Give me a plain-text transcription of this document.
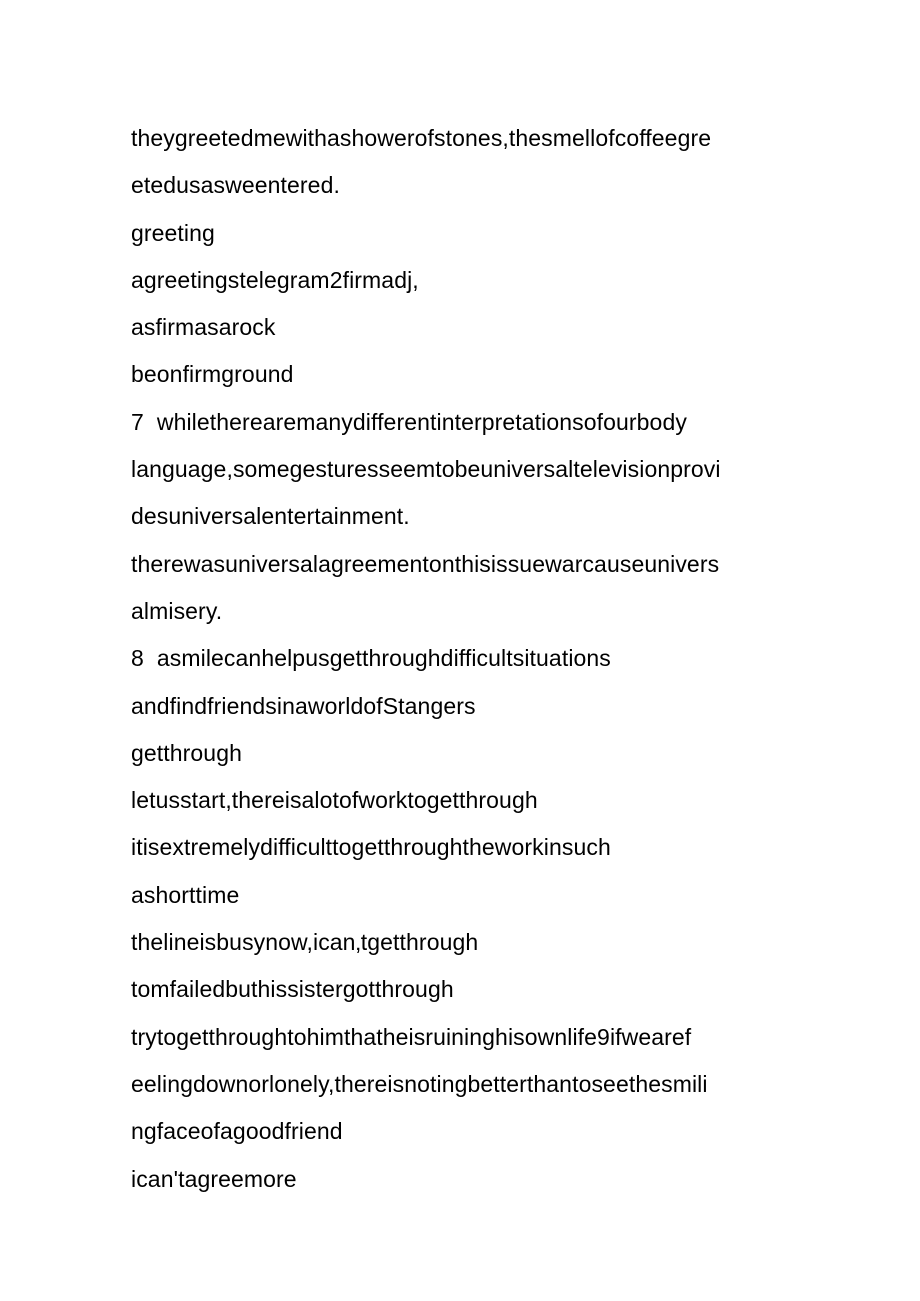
theygreetedmewithashowerofstones,thesmellofcoffeegre
etedusasweentered.
greeting
agreetingstelegram2firmadj,
asfirmasarock
beonfirmground
7  whiletherearemanydifferentinterpretationsofourbody
language,somegesturesseemtobeuniversaltelevisionprovi
desuniversalentertainment.
therewasuniversalagreementonthisissuewarcauseunivers
almisery.
8  asmilecanhelpusgetthroughdifficultsituations
andfindfriendsinaworldofStangers
getthrough
letusstart,thereisalotofworktogetthrough
itisextremelydifficulttogetthroughtheworkinsuch
ashorttime
thelineisbusynow,ican‚tgetthrough
tomfailedbuthissistergotthrough
trytogetthroughtohimthatheisruininghisownlife9ifwearef
eelingdownorlonely,thereisnotingbetterthantoseethesmili
ngfaceofagoodfriend
ican'tagreemore
